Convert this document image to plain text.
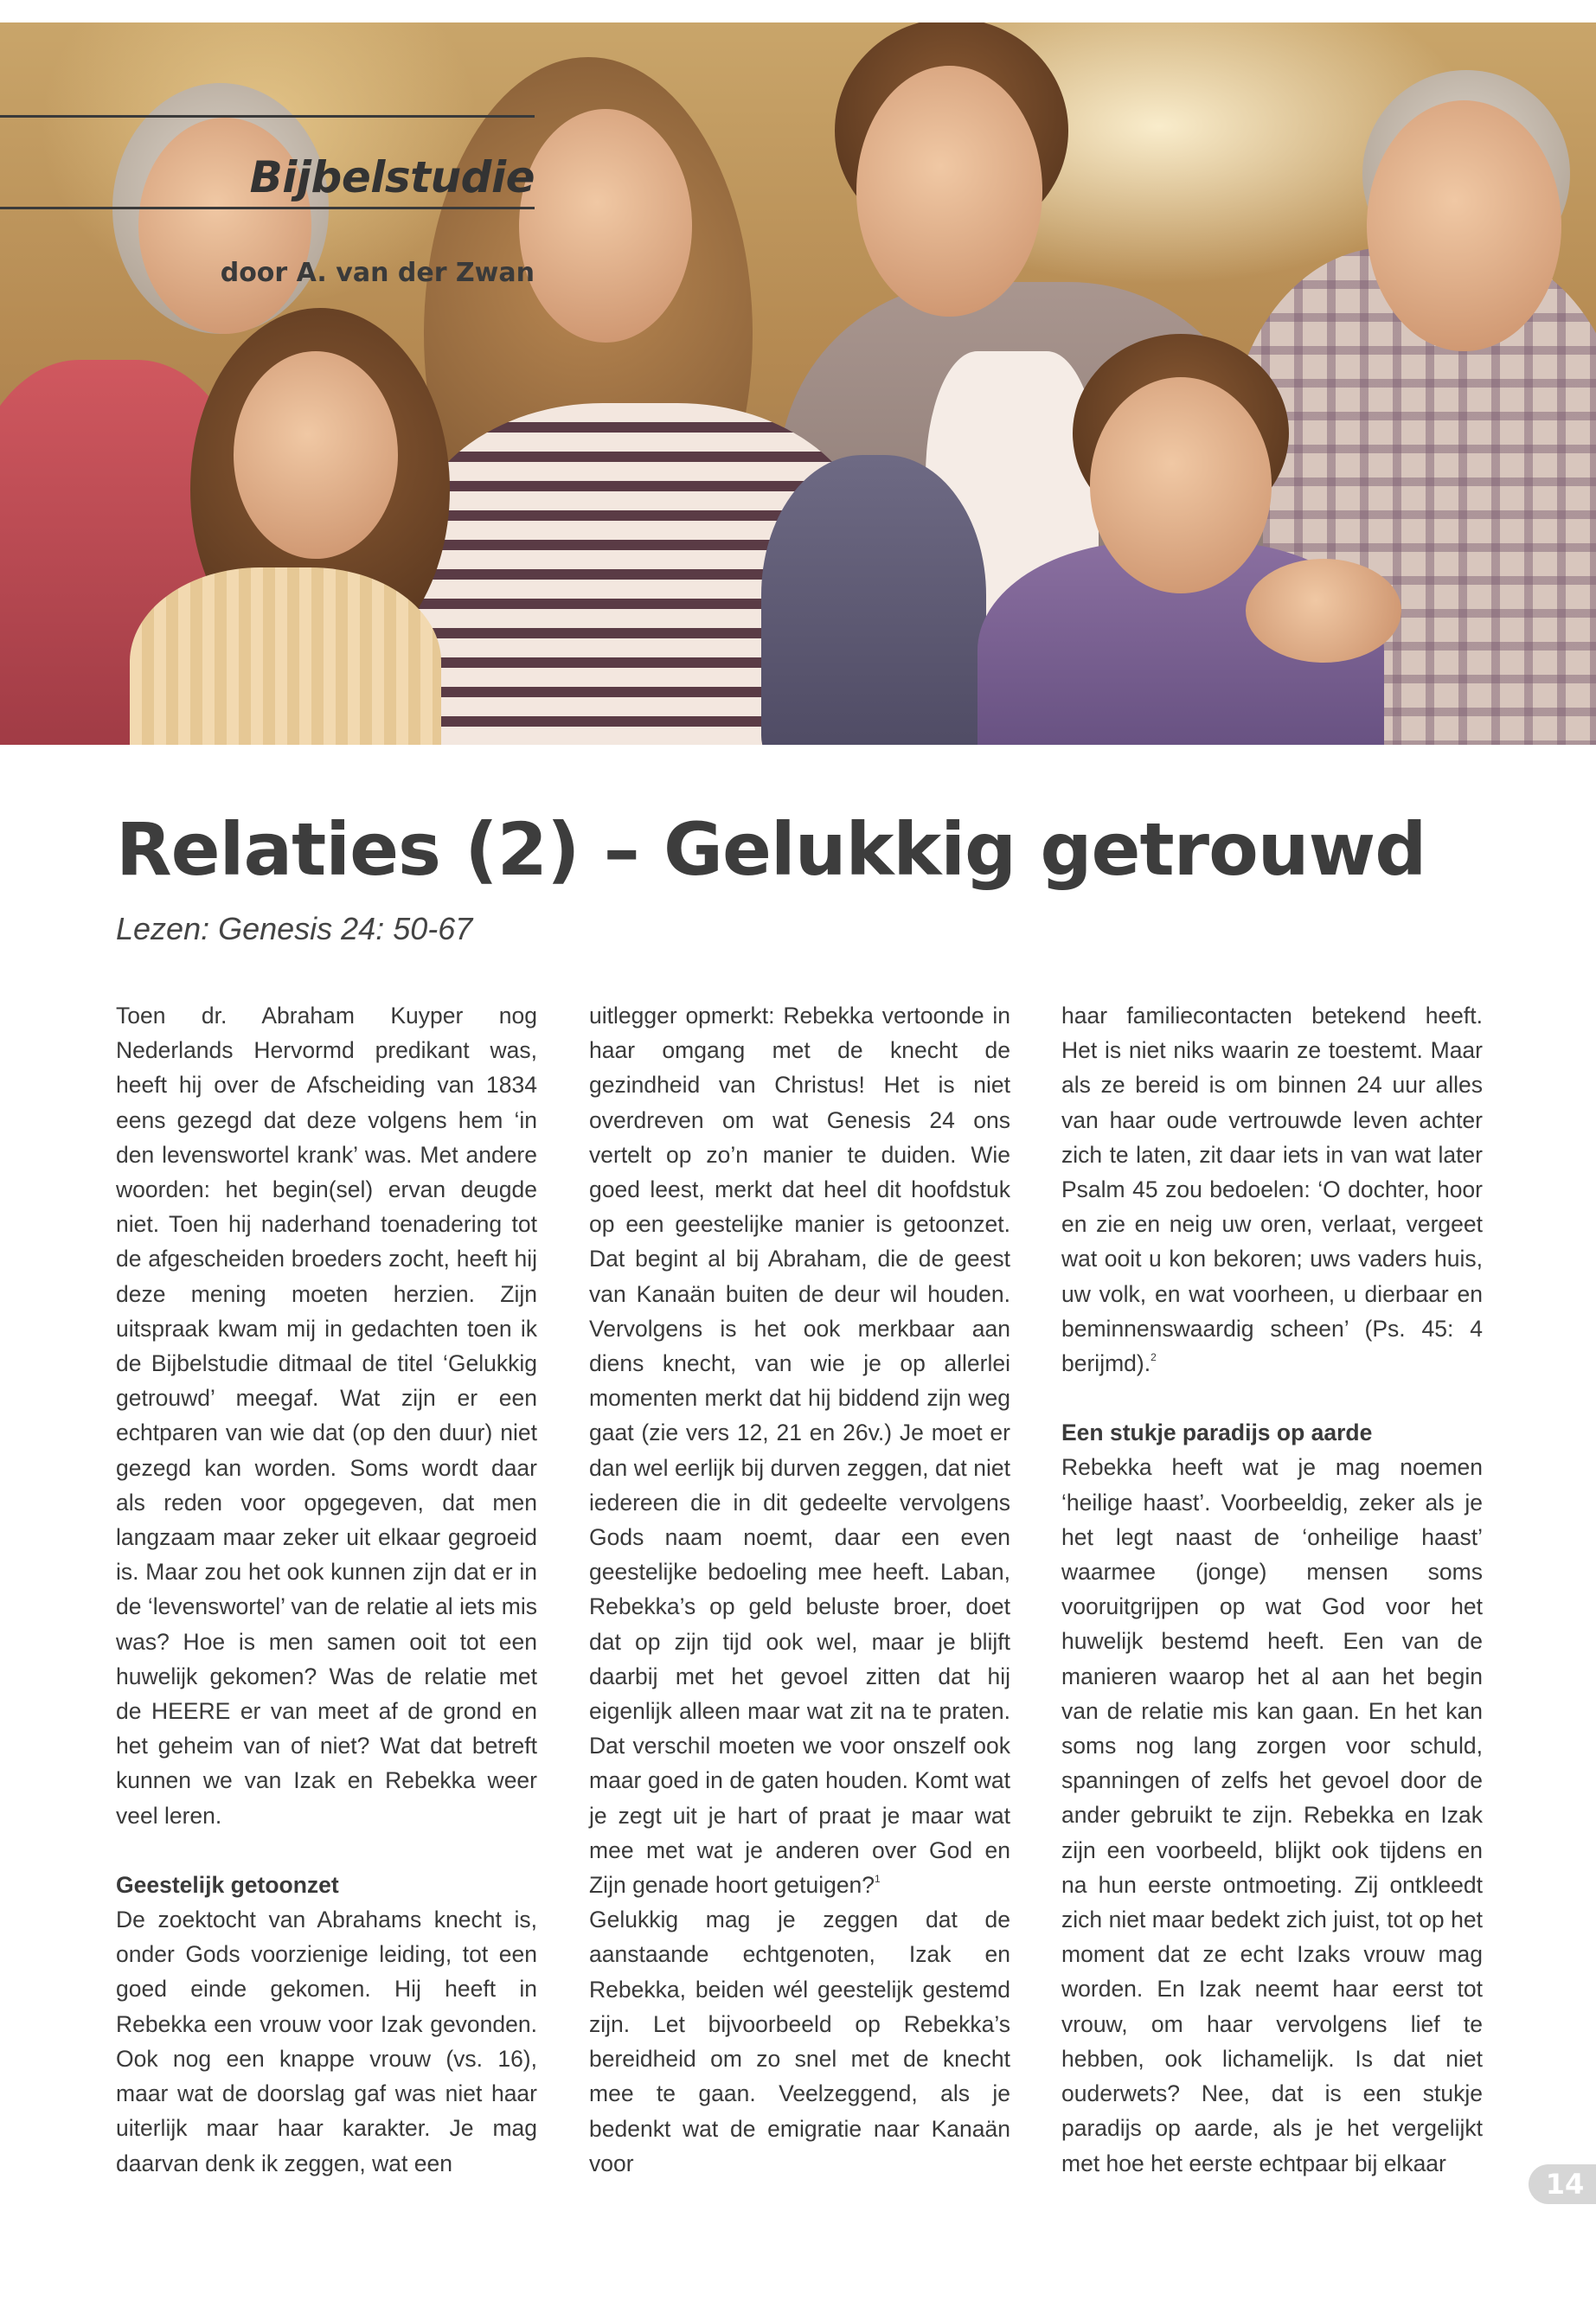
Bijbelstudie
door A. van der Zwan
Relaties (2) – Gelukkig getrouwd

Lezen: Genesis 24: 50-67

Toen dr. Abraham Kuyper nog Nederlands Hervormd predikant was, heeft hij over de Afscheiding van 1834 eens gezegd dat deze volgens hem ‘in den levenswortel krank’ was. Met andere woorden: het begin(sel) ervan deugde niet. Toen hij naderhand toenadering tot de afgescheiden broeders zocht, heeft hij deze mening moeten herzien. Zijn uitspraak kwam mij in gedachten toen ik de Bijbelstudie ditmaal de titel ‘Gelukkig getrouwd’ meegaf. Wat zijn er een echtparen van wie dat (op den duur) niet gezegd kan worden. Soms wordt daar als reden voor opgegeven, dat men langzaam maar zeker uit elkaar gegroeid is. Maar zou het ook kunnen zijn dat er in de ‘levenswortel’ van de relatie al iets mis was? Hoe is men samen ooit tot een huwelijk gekomen? Was de relatie met de HEERE er van meet af de grond en het geheim van of niet? Wat dat betreft kunnen we van Izak en Rebekka weer veel leren.

Geestelijk getoonzet

De zoektocht van Abrahams knecht is, onder Gods voorzienige leiding, tot een goed einde gekomen. Hij heeft in Rebekka een vrouw voor Izak gevonden. Ook nog een knappe vrouw (vs. 16), maar wat de doorslag gaf was niet haar uiterlijk maar haar karakter. Je mag daarvan denk ik zeggen, wat een

uitlegger opmerkt: Rebekka vertoonde in haar omgang met de knecht de gezindheid van Christus! Het is niet overdreven om wat Genesis 24 ons vertelt op zo’n manier te duiden. Wie goed leest, merkt dat heel dit hoofdstuk op een geestelijke manier is getoonzet. Dat begint al bij Abraham, die de geest van Kanaän buiten de deur wil houden. Vervolgens is het ook merkbaar aan diens knecht, van wie je op allerlei momenten merkt dat hij biddend zijn weg gaat (zie vers 12, 21 en 26v.) Je moet er dan wel eerlijk bij durven zeggen, dat niet iedereen die in dit gedeelte vervolgens Gods naam noemt, daar een even geestelijke bedoeling mee heeft. Laban, Rebekka’s op geld beluste broer, doet dat op zijn tijd ook wel, maar je blijft daarbij met het gevoel zitten dat hij eigenlijk alleen maar wat zit na te praten. Dat verschil moeten we voor onszelf ook maar goed in de gaten houden. Komt wat je zegt uit je hart of praat je maar wat mee met wat je anderen over God en Zijn genade hoort getuigen?$^1$

Gelukkig mag je zeggen dat de aanstaande echtgenoten, Izak en Rebekka, beiden wél geestelijk gestemd zijn. Let bijvoorbeeld op Rebekka’s bereidheid om zo snel met de knecht mee te gaan. Veelzeggend, als je bedenkt wat de emigratie naar Kanaän voor

haar familiecontacten betekend heeft. Het is niet niks waarin ze toestemt. Maar als ze bereid is om binnen 24 uur alles van haar oude vertrouwde leven achter zich te laten, zit daar iets in van wat later Psalm 45 zou bedoelen: ‘O dochter, hoor en zie en neig uw oren, verlaat, vergeet wat ooit u kon bekoren; uws vaders huis, uw volk, en wat voorheen, u dierbaar en beminnenswaardig scheen’ (Ps. 45: 4 berijmd).$^2$

Een stukje paradijs op aarde

Rebekka heeft wat je mag noemen ‘heilige haast’. Voorbeeldig, zeker als je het legt naast de ‘onheilige haast’ waarmee (jonge) mensen soms vooruitgrijpen op wat God voor het huwelijk bestemd heeft. Een van de manieren waarop het al aan het begin van de relatie mis kan gaan. En het kan soms nog lang zorgen voor schuld, spanningen of zelfs het gevoel door de ander gebruikt te zijn. Rebekka en Izak zijn een voorbeeld, blijkt ook tijdens en na hun eerste ontmoeting. Zij ontkleedt zich niet maar bedekt zich juist, tot op het moment dat ze echt Izaks vrouw mag worden. En Izak neemt haar eerst tot vrouw, om haar vervolgens lief te hebben, ook lichamelijk. Is dat niet ouderwets? Nee, dat is een stukje paradijs op aarde, als je het vergelijkt met hoe het eerste echtpaar bij elkaar

14
